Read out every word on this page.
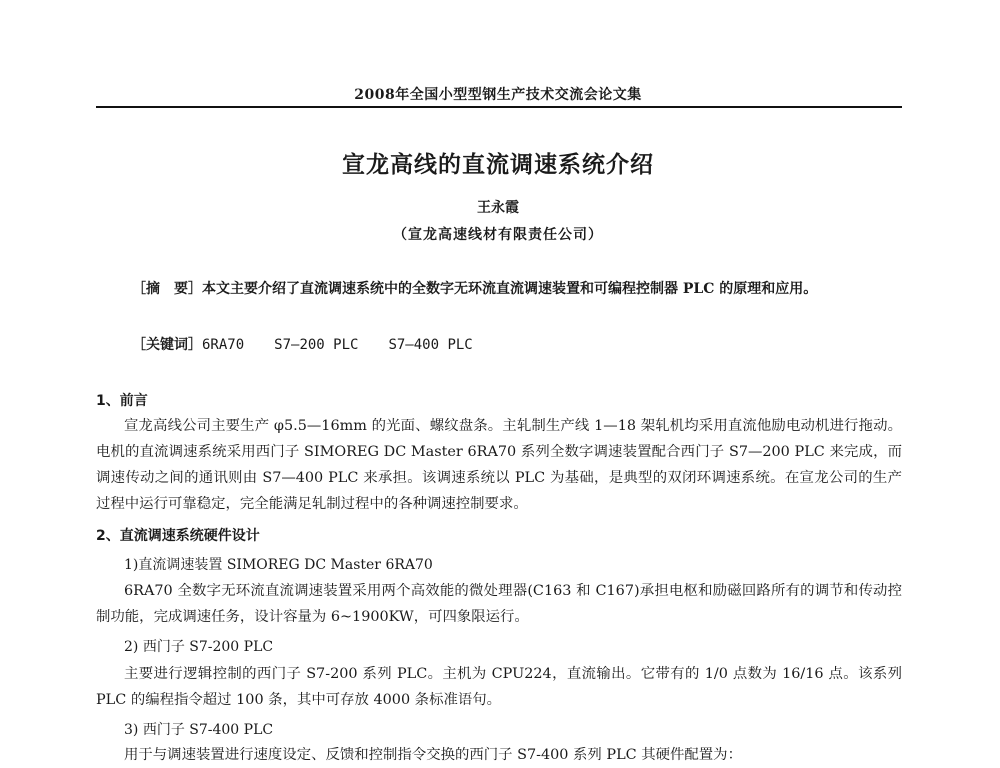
2008年全国小型型钢生产技术交流会论文集
宣龙高线的直流调速系统介绍
王永霞
（宣龙高速线材有限责任公司）

［摘　要］本文主要介绍了直流调速系统中的全数字无环流直流调速装置和可编程控制器 PLC 的原理和应用。

［关键词］6RA70 S7—200 PLC S7—400 PLC
1、前言

宣龙高线公司主要生产 φ5.5—16mm 的光面、螺纹盘条。主轧制生产线 1—18 架轧机均采用直流他励电动机进行拖动。电机的直流调速系统采用西门子 SIMOREG DC Master 6RA70 系列全数字调速装置配合西门子 S7—200 PLC 来完成，而调速传动之间的通讯则由 S7—400 PLC 来承担。该调速系统以 PLC 为基础，是典型的双闭环调速系统。在宣龙公司的生产过程中运行可靠稳定，完全能满足轧制过程中的各种调速控制要求。

2、直流调速系统硬件设计
1)直流调速装置 SIMOREG DC Master 6RA70

6RA70 全数字无环流直流调速装置采用两个高效能的微处理器(C163 和 C167)承担电枢和励磁回路所有的调节和传动控制功能，完成调速任务，设计容量为 6~1900KW，可四象限运行。

2) 西门子 S7-200 PLC

主要进行逻辑控制的西门子 S7-200 系列 PLC。主机为 CPU224，直流输出。它带有的 1/0 点数为 16/16 点。该系列 PLC 的编程指令超过 100 条，其中可存放 4000 条标准语句。

3) 西门子 S7-400 PLC

用于与调速装置进行速度设定、反馈和控制指令交换的西门子 S7-400 系列 PLC 其硬件配置为：
